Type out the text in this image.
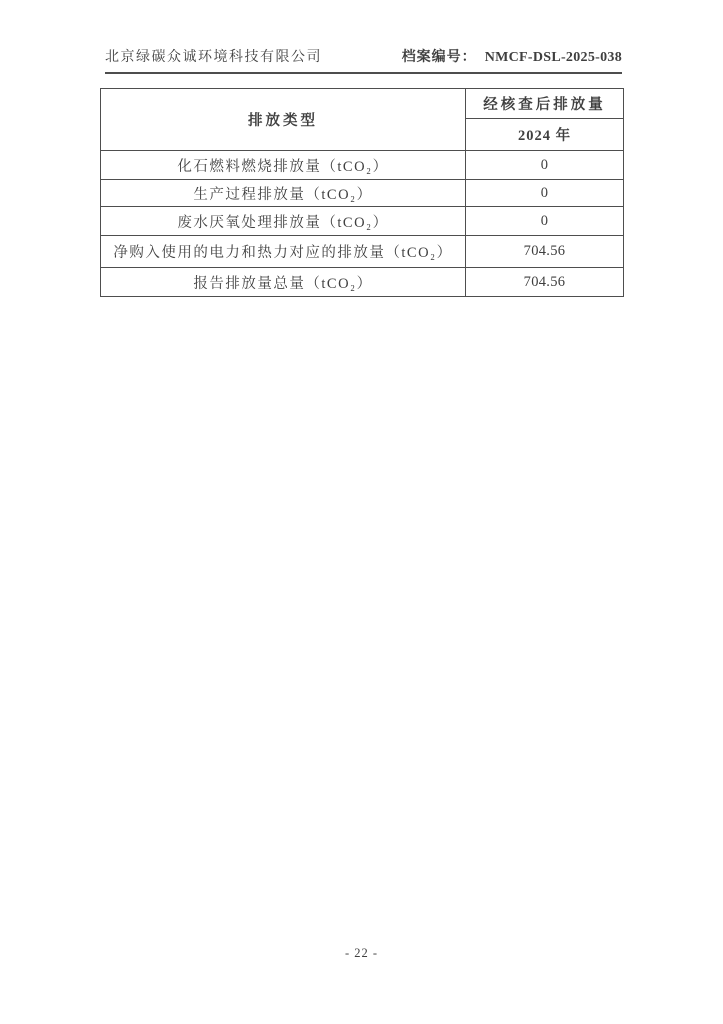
北京绿碳众诚环境科技有限公司	档案编号： NMCF-DSL-2025-038
排放类型	经核查后排放量
	2024 年
化石燃料燃烧排放量（tCO₂）	0
生产过程排放量（tCO₂）	0
废水厌氧处理排放量（tCO₂）	0
净购入使用的电力和热力对应的排放量（tCO₂）	704.56
报告排放量总量（tCO₂）	704.56
- 22 -
